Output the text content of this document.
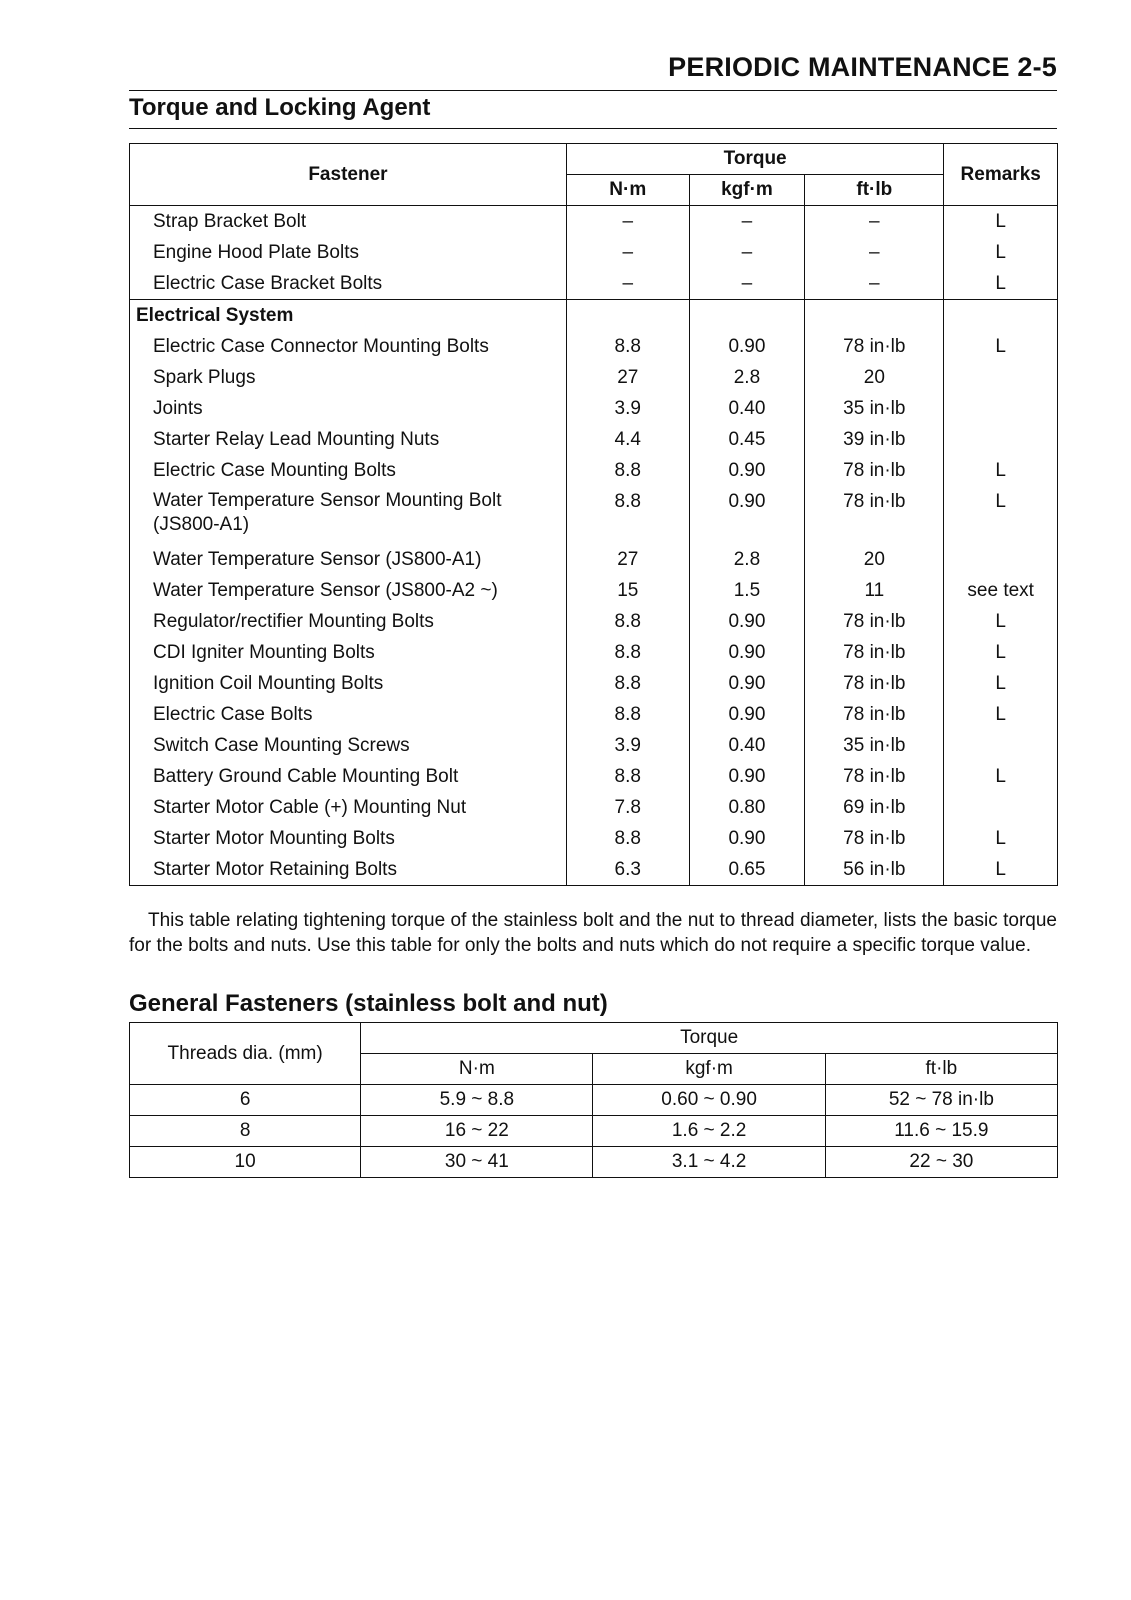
PERIODIC MAINTENANCE 2-5
Torque and Locking Agent
Fastener	Torque			Remarks
	N·m	kgf·m	ft·lb	
Strap Bracket Bolt	–	–	–	L
Engine Hood Plate Bolts	–	–	–	L
Electric Case Bracket Bolts	–	–	–	L
Electrical System				
Electric Case Connector Mounting Bolts	8.8	0.90	78 in·lb	L
Spark Plugs	27	2.8	20	
Joints	3.9	0.40	35 in·lb	
Starter Relay Lead Mounting Nuts	4.4	0.45	39 in·lb	
Electric Case Mounting Bolts	8.8	0.90	78 in·lb	L

Water Temperature Sensor Mounting Bolt
(JS800-A1)	8.8	0.90	78 in·lb	L
Water Temperature Sensor (JS800-A1)	27	2.8	20	
Water Temperature Sensor (JS800-A2 ~)	15	1.5	11	see text
Regulator/rectifier Mounting Bolts	8.8	0.90	78 in·lb	L
CDI Igniter Mounting Bolts	8.8	0.90	78 in·lb	L
Ignition Coil Mounting Bolts	8.8	0.90	78 in·lb	L
Electric Case Bolts	8.8	0.90	78 in·lb	L
Switch Case Mounting Screws	3.9	0.40	35 in·lb	
Battery Ground Cable Mounting Bolt	8.8	0.90	78 in·lb	L
Starter Motor Cable (+) Mounting Nut	7.8	0.80	69 in·lb	
Starter Motor Mounting Bolts	8.8	0.90	78 in·lb	L
Starter Motor Retaining Bolts	6.3	0.65	56 in·lb	L

This table relating tightening torque of the stainless bolt and the nut to thread diameter, lists the basic torque for the bolts and nuts. Use this table for only the bolts and nuts which do not require a specific torque value.

General Fasteners (stainless bolt and nut)
Threads dia. (mm)	Torque		
	N·m	kgf·m	ft·lb
6	5.9 ~ 8.8	0.60 ~ 0.90	52 ~ 78 in·lb
8	16 ~ 22	1.6 ~ 2.2	11.6 ~ 15.9
10	30 ~ 41	3.1 ~ 4.2	22 ~ 30
